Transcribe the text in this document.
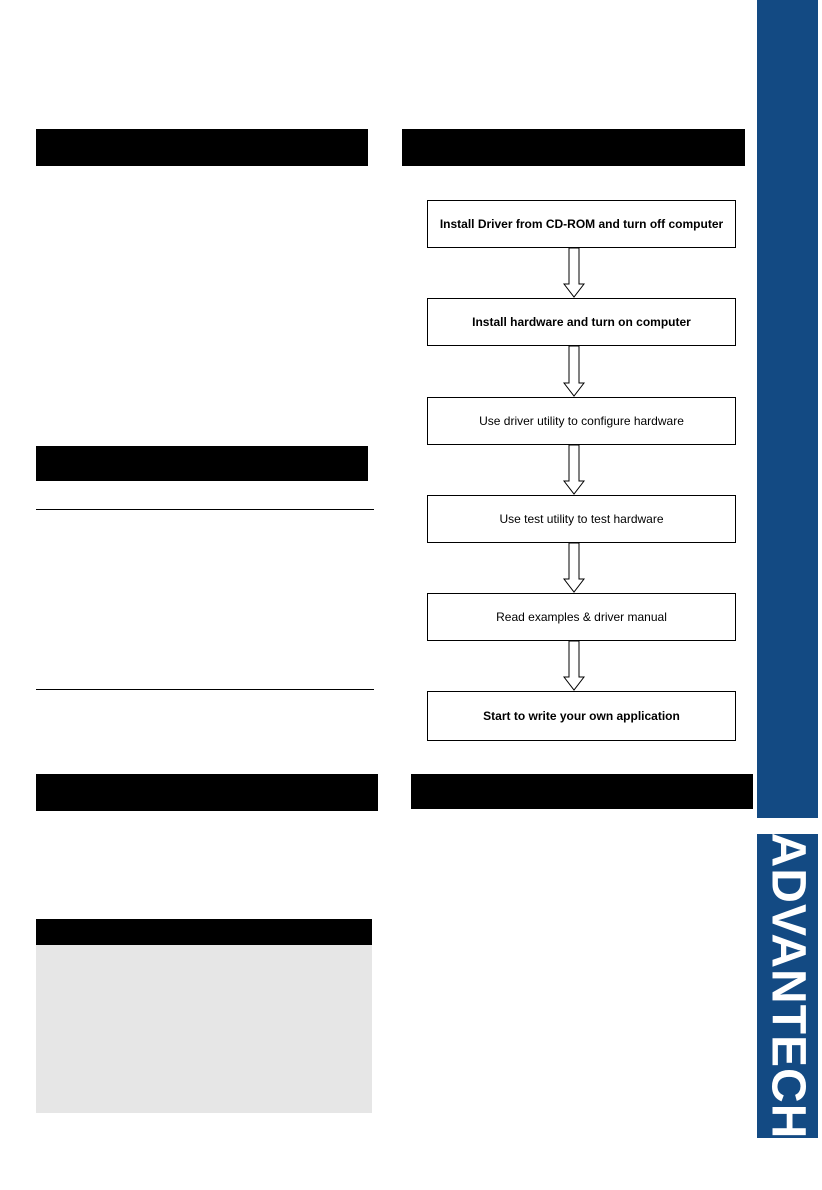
Install Driver from CD-ROM and turn off computer
Install hardware and turn on computer
Use driver utility to configure hardware
Use test utility to test hardware
Read examples & driver manual
Start to write your own application
ADVANTECH
